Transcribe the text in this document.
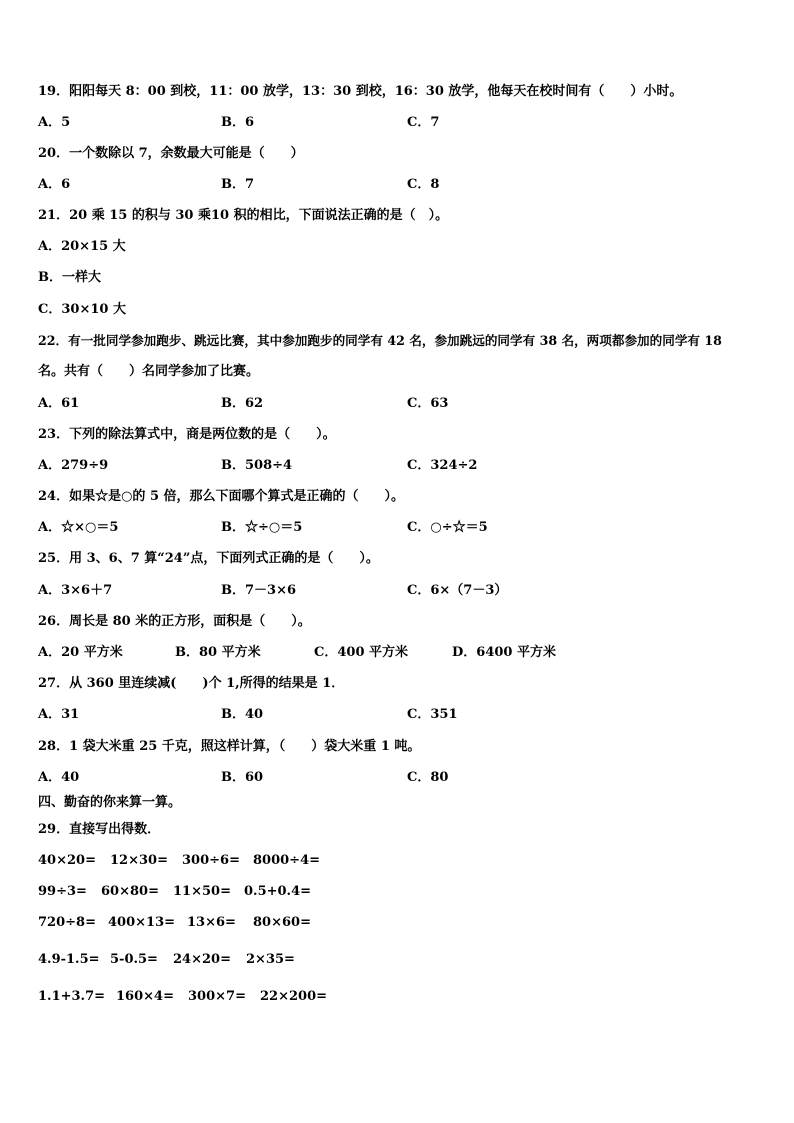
19．阳阳每天 8：00 到校，11：00 放学，13：30 到校，16：30 放学，他每天在校时间有（　　）小时。
A．5	B．6	C．7
20．一个数除以 7，余数最大可能是（　　）
A．6	B．7	C．8
21．20 乘 15 的积与 30 乘10 积的相比，下面说法正确的是（　）。
A．20×15 大
B．一样大
C．30×10 大
22．有一批同学参加跑步、跳远比赛，其中参加跑步的同学有 42 名，参加跳远的同学有 38 名，两项都参加的同学有 18
名。共有（　　）名同学参加了比赛。
A．61	B．62	C．63
23．下列的除法算式中，商是两位数的是（　　）。
A．279÷9	B．508÷4	C．324÷2
24．如果☆是○的 5 倍，那么下面哪个算式是正确的（　　）。
A．☆×○＝5	B．☆÷○＝5	C．○÷☆＝5
25．用 3、6、7 算“24”点，下面列式正确的是（　　）。
A．3×6＋7	B．7－3×6	C．6×（7－3）
26．周长是 80 米的正方形，面积是（　　）。
A．20 平方米	B．80 平方米	C．400 平方米	D．6400 平方米
27．从 360 里连续减(　　)个 1,所得的结果是 1．
A．31	B．40	C．351
28．1 袋大米重 25 千克，照这样计算，（　　）袋大米重 1 吨。
A．40	B．60	C．80
四、勤奋的你来算一算。
29．直接写出得数．
40×20= 12×30= 300÷6= 8000÷4=
99÷3= 60×80= 11×50= 0.5+0.4=
720÷8= 400×13= 13×6= 80×60=
4.9-1.5= 5-0.5= 24×20= 2×35=
1.1+3.7= 160×4= 300×7= 22×200=
